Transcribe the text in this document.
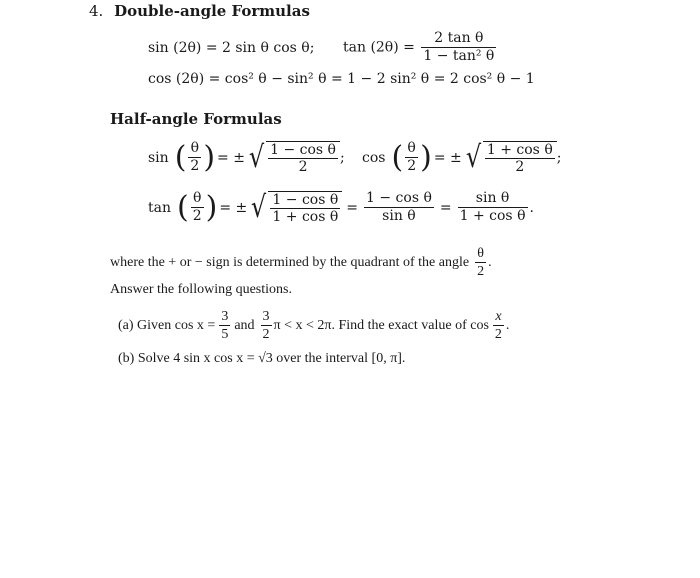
4. Double-angle Formulas
sin (2θ) = 2 sin θ cos θ; $\tan (2\theta) = \frac{\text{2 tan θ}}{\text{1 − tan² θ}}$
cos (2θ) = cos² θ − sin² θ = 1 − 2 sin² θ = 2 cos² θ − 1
Half-angle Formulas
sin ( $\frac{\theta}{2}$ ) = ± √ $\frac{\text{1 − cos θ}}{2}$ ; cos ( $\frac{\theta}{2}$ ) = ± √ $\frac{\text{1 + cos θ}}{2}$ ;
tan ( $\frac{\theta}{2}$ ) = ± √ $\frac{\text{1 − cos θ}}{\text{1 + cos θ}} = \frac{\text{1 − cos θ}}{\text{sin θ}} = \frac{\text{sin θ}}{\text{1 + cos θ}}$ .
where the + or − sign is determined by the quadrant of the angle $\frac{\theta}{2}$ .
Answer the following questions.
(a) Given $\cos x = \frac{3}{5}$ and $\frac{3}{2}$ π < x < 2π. Find the exact value of $\cos \frac{x}{2}$ .
(b) Solve 4 sin x cos x = √3 over the interval [0, π].
